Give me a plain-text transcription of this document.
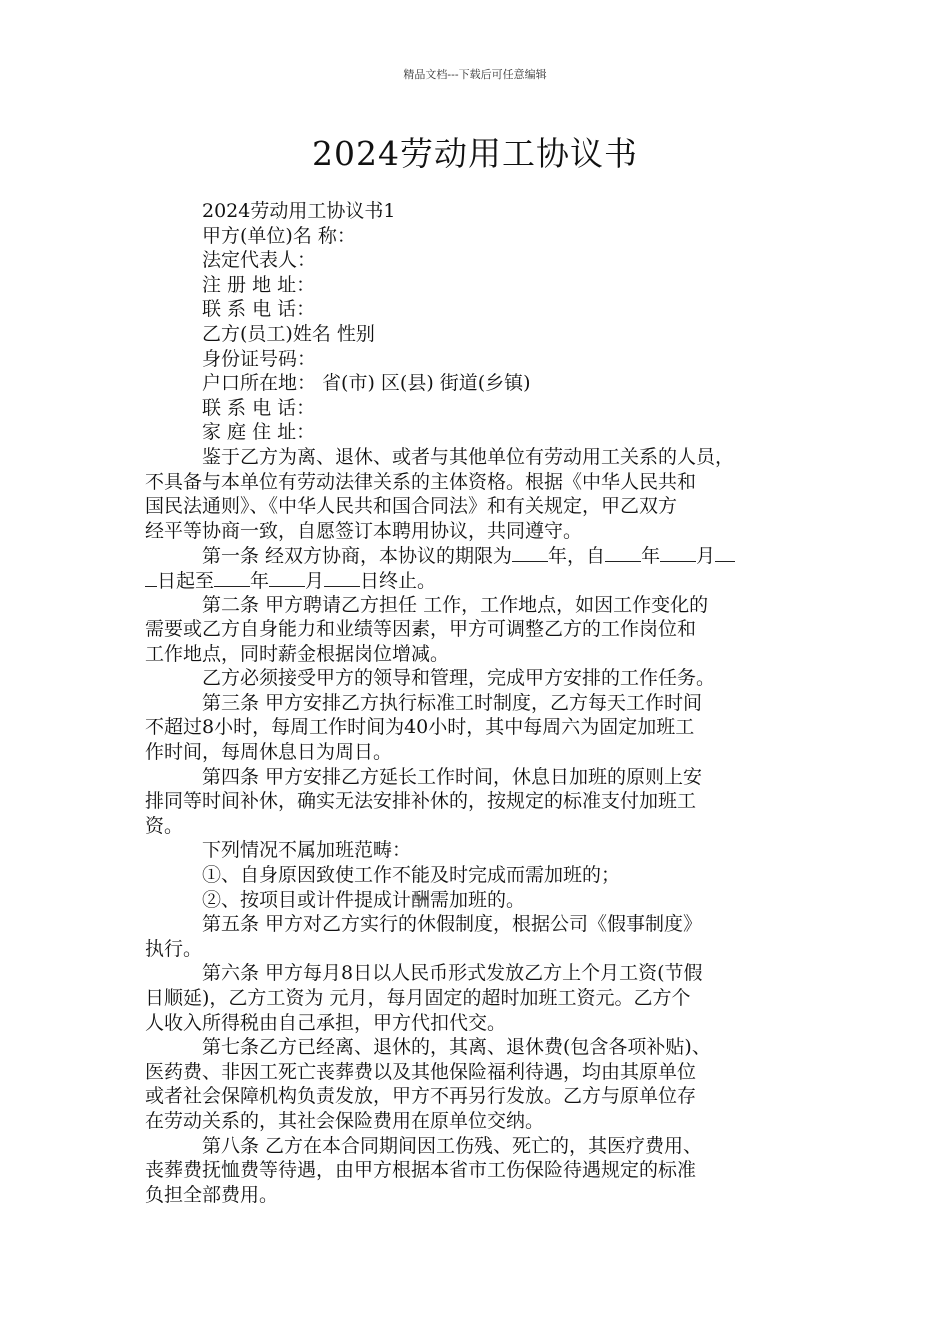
精品文档---下载后可任意编辑
2024劳动用工协议书
2024劳动用工协议书1
甲方(单位)名 称：
法定代表人：
注 册 地 址：
联 系 电 话：
乙方(员工)姓名 性别
身份证号码：
户口所在地： 省(市) 区(县) 街道(乡镇)
联 系 电 话：
家 庭 住 址：
鉴于乙方为离、退休、或者与其他单位有劳动用工关系的人员，
不具备与本单位有劳动法律关系的主体资格。根据《中华人民共和
国民法通则》、《中华人民共和国合同法》和有关规定，甲乙双方
经平等协商一致，自愿签订本聘用协议，共同遵守。
第一条 经双方协商，本协议的期限为 年，自 年 月
日起至 年 月 日终止。
第二条 甲方聘请乙方担任 工作，工作地点，如因工作变化的
需要或乙方自身能力和业绩等因素，甲方可调整乙方的工作岗位和
工作地点，同时薪金根据岗位增减。
乙方必须接受甲方的领导和管理，完成甲方安排的工作任务。
第三条 甲方安排乙方执行标准工时制度，乙方每天工作时间
不超过8小时，每周工作时间为40小时，其中每周六为固定加班工
作时间，每周休息日为周日。
第四条 甲方安排乙方延长工作时间，休息日加班的原则上安
排同等时间补休，确实无法安排补休的，按规定的标准支付加班工
资。
下列情况不属加班范畴：
①、自身原因致使工作不能及时完成而需加班的；
②、按项目或计件提成计酬需加班的。
第五条 甲方对乙方实行的休假制度，根据公司《假事制度》
执行。
第六条 甲方每月8日以人民币形式发放乙方上个月工资(节假
日顺延)，乙方工资为 元月，每月固定的超时加班工资元。乙方个
人收入所得税由自己承担，甲方代扣代交。
第七条乙方已经离、退休的，其离、退休费(包含各项补贴)、
医药费、非因工死亡丧葬费以及其他保险福利待遇，均由其原单位
或者社会保障机构负责发放，甲方不再另行发放。乙方与原单位存
在劳动关系的，其社会保险费用在原单位交纳。
第八条 乙方在本合同期间因工伤残、死亡的，其医疗费用、
丧葬费抚恤费等待遇，由甲方根据本省市工伤保险待遇规定的标准
负担全部费用。
